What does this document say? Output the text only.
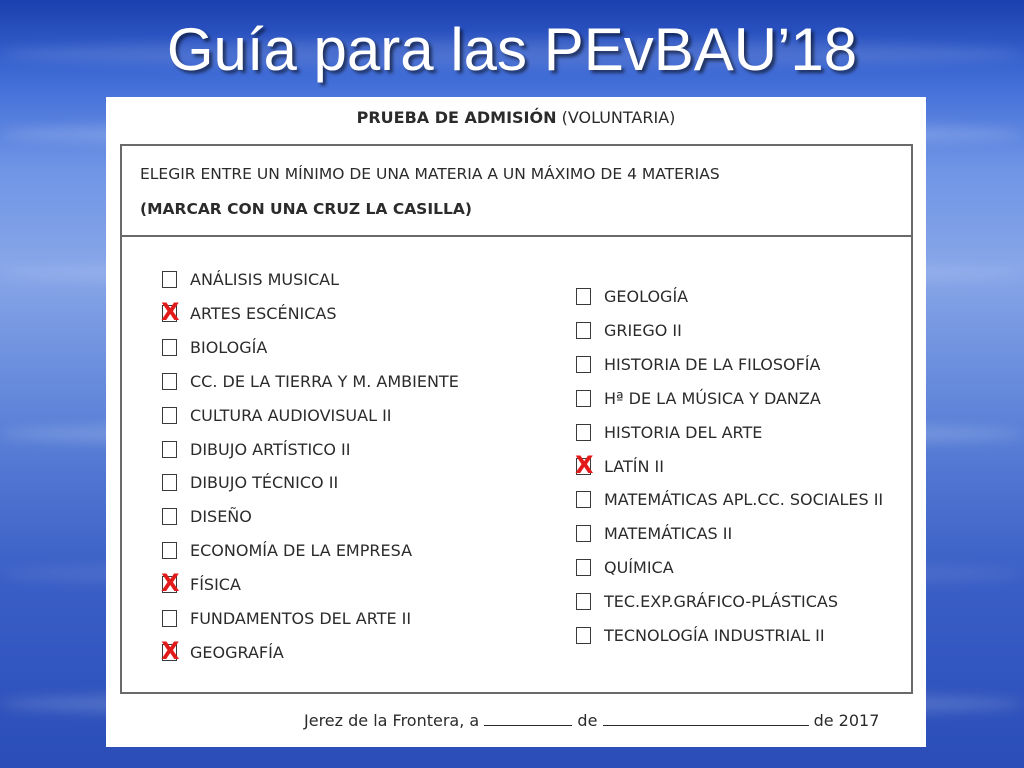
Guía para las PEvBAU’18
PRUEBA DE ADMISIÓN (VOLUNTARIA)
ELEGIR ENTRE UN MÍNIMO DE UNA MATERIA A UN MÁXIMO DE 4 MATERIAS
(MARCAR CON UNA CRUZ LA CASILLA)
Jerez de la Frontera, a	de	de 2017
ANÁLISIS MUSICAL
X ARTES ESCÉNICAS
BIOLOGÍA
CC. DE LA TIERRA Y M. AMBIENTE
CULTURA AUDIOVISUAL II
DIBUJO ARTÍSTICO II
DIBUJO TÉCNICO II
DISEÑO
ECONOMÍA DE LA EMPRESA
X FÍSICA
FUNDAMENTOS DEL ARTE II
X GEOGRAFÍA
GEOLOGÍA
GRIEGO II
HISTORIA DE LA FILOSOFÍA
Hª DE LA MÚSICA Y DANZA
HISTORIA DEL ARTE
X LATÍN II
MATEMÁTICAS APL.CC. SOCIALES II
MATEMÁTICAS II
QUÍMICA
TEC.EXP.GRÁFICO-PLÁSTICAS
TECNOLOGÍA INDUSTRIAL II
